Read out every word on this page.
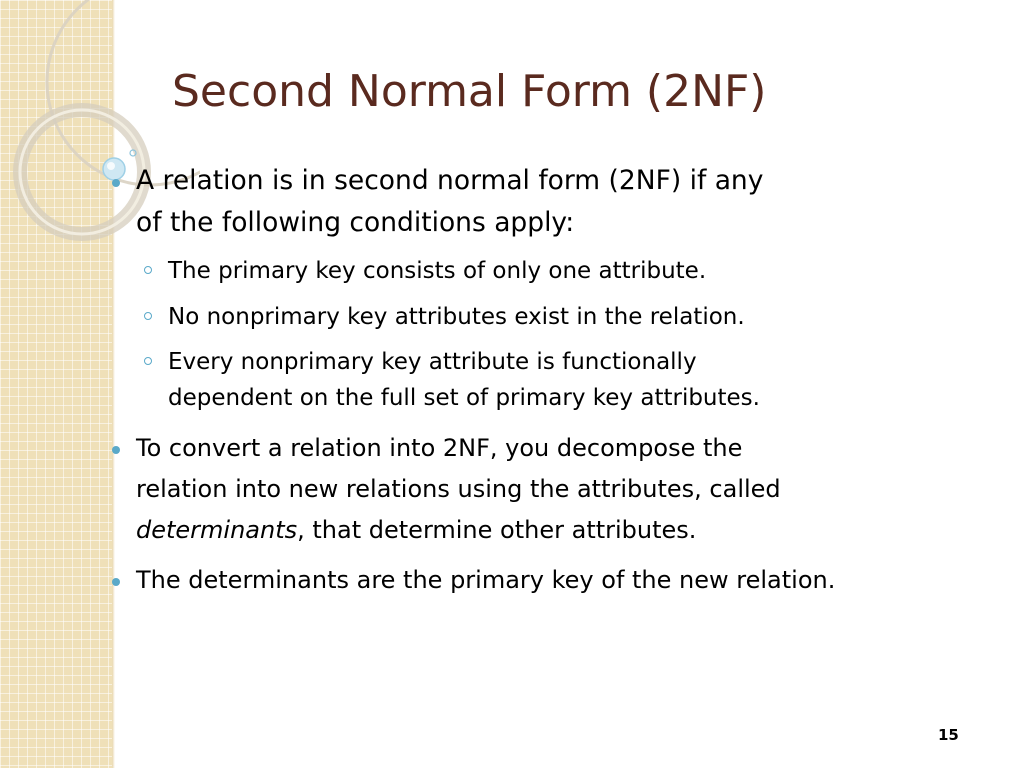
Second Normal Form (2NF)
A relation is in second normal form (2NF) if any
of the following conditions apply:
The primary key consists of only one attribute.
No nonprimary key attributes exist in the relation.
Every nonprimary key attribute is functionally
dependent on the full set of primary key attributes.
To convert a relation into 2NF, you decompose the
relation into new relations using the attributes, called
determinants, that determine other attributes.
The determinants are the primary key of the new relation.
15
